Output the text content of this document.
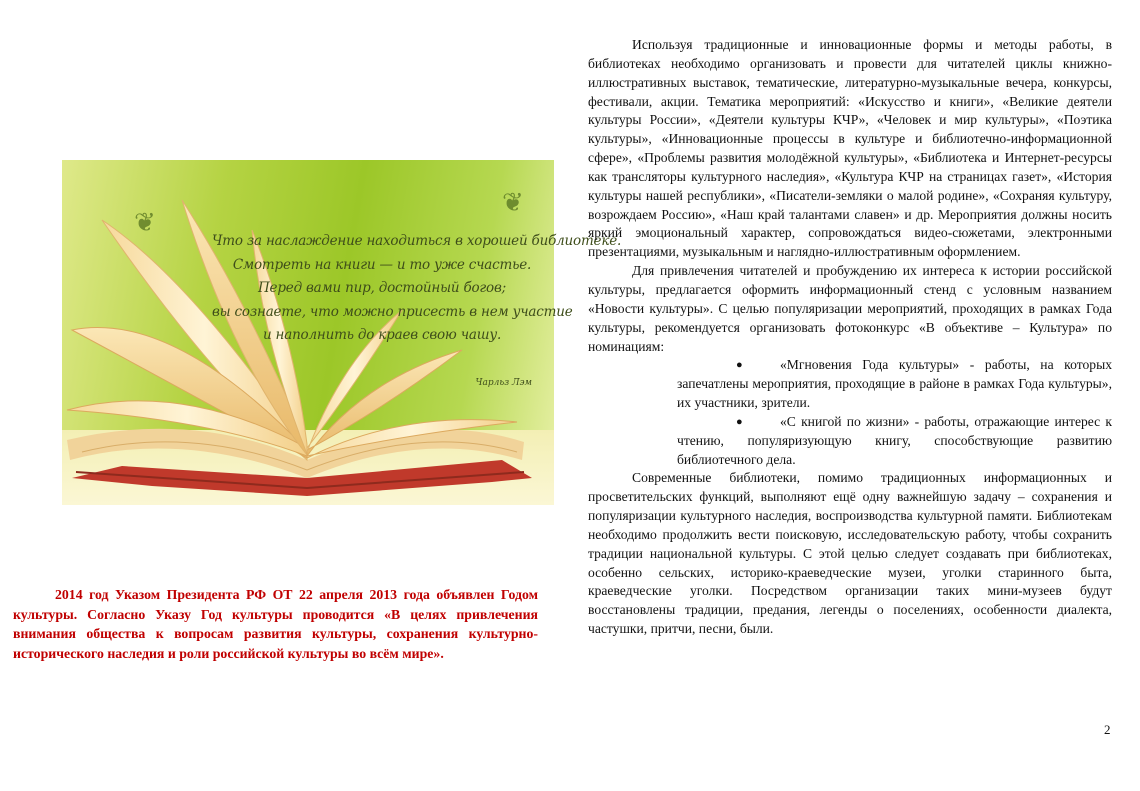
❦
❦
Что за наслаждение находиться в хорошей библиотеке.
Смотреть на книги — и то уже счастье.
Перед вами пир, достойный богов;
вы сознаете, что можно присесть в нем участие
и наполнить до краев свою чашу.
Чарльз Лэм

2014 год Указом Президента РФ ОТ 22 апреля 2013 года объявлен Годом культуры. Согласно Указу Год культуры проводится «В целях привлечения внимания общества к вопросам развития культуры, сохранения культурно-исторического наследия и роли российской культуры во всём мире».

Используя традиционные и инновационные формы и методы работы, в библиотеках необходимо организовать и провести для читателей циклы книжно-иллюстративных выставок, тематические, литературно-музыкальные вечера, конкурсы, фестивали, акции. Тематика мероприятий: «Искусство и книги», «Великие деятели культуры России», «Деятели культуры КЧР», «Человек и мир культуры», «Поэтика культуры», «Инновационные процессы в культуре и библиотечно-информационной сфере», «Проблемы развития молодёжной культуры», «Библиотека и Интернет-ресурсы как трансляторы культурного наследия», «Культура КЧР на страницах газет», «История культуры нашей республики», «Писатели-земляки о малой родине», «Сохраняя культуру, возрождаем Россию», «Наш край талантами славен» и др. Мероприятия должны носить яркий эмоциональный характер, сопровождаться видео-сюжетами, электронными презентациями, музыкальным и наглядно-иллюстративным оформлением.

Для привлечения читателей и пробуждению их интереса к истории российской культуры, предлагается оформить информационный стенд с условным названием «Новости культуры». С целью популяризации мероприятий, проходящих в рамках Года культуры, рекомендуется организовать фотоконкурс «В объективе – Культура» по номинациям:

●	«Мгновения Года культуры» - работы, на которых запечатлены мероприятия, проходящие в районе в рамках Года культуры», их участники, зрители.
●	«С книгой по жизни» - работы, отражающие интерес к чтению, популяризующую книгу, способствующие развитию библиотечного дела.

Современные библиотеки, помимо традиционных информационных и просветительских функций, выполняют ещё одну важнейшую задачу – сохранения и популяризации культурного наследия, воспроизводства культурной памяти. Библиотекам необходимо продолжить вести поисковую, исследовательскую работу, чтобы сохранить традиции национальной культуры. С этой целью следует создавать при библиотеках, особенно сельских, историко-краеведческие музеи, уголки старинного быта, краеведческие уголки. Посредством организации таких мини-музеев будут восстановлены традиции, предания, легенды о поселениях, особенности диалекта, частушки, притчи, песни, были.

2
